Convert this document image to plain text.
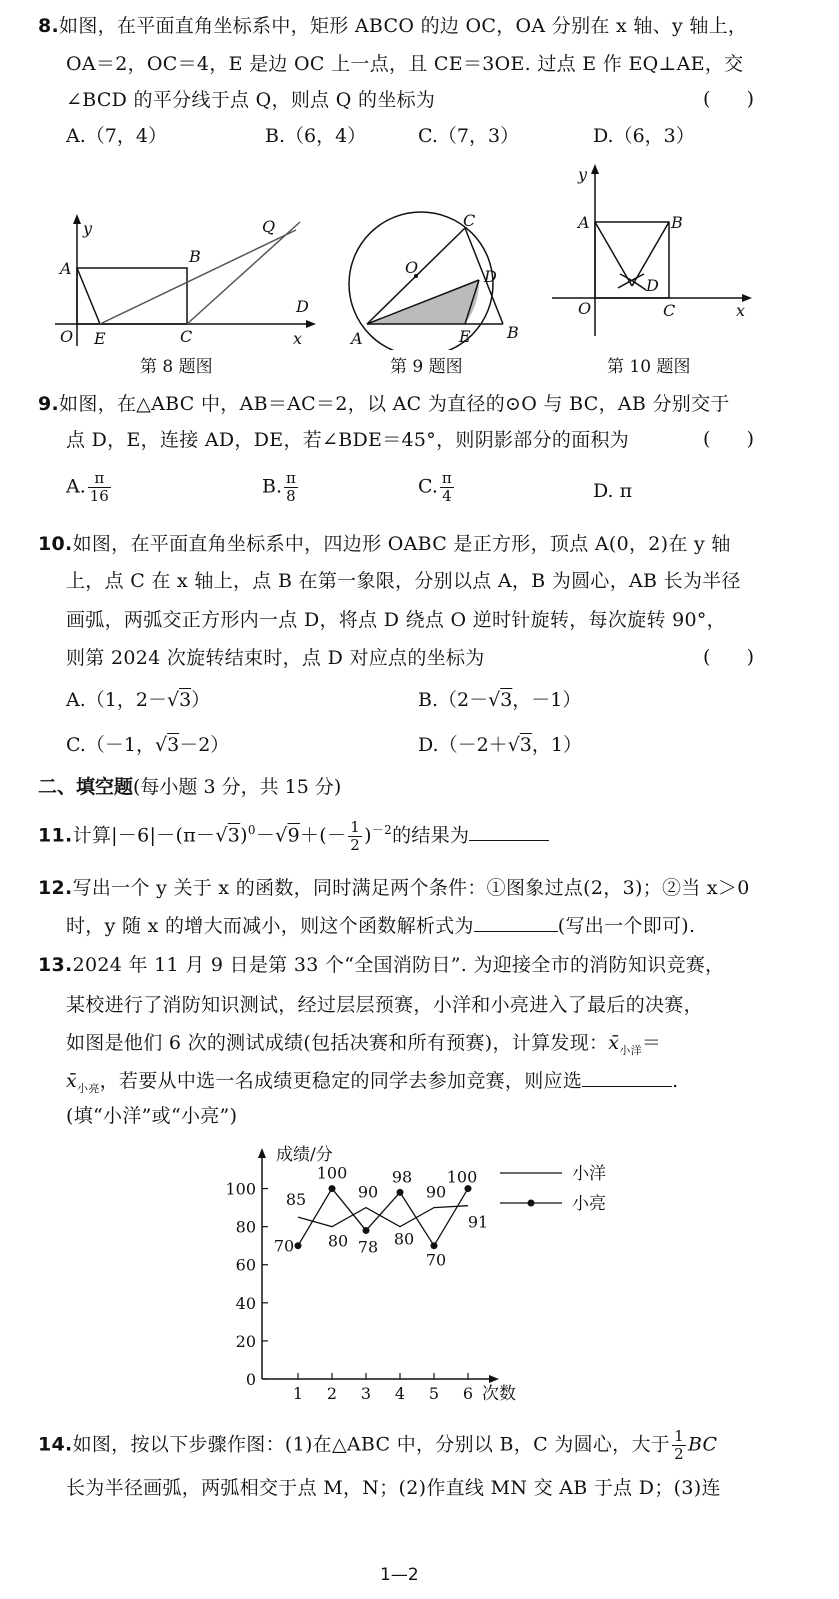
8.如图，在平面直角坐标系中，矩形 ABCO 的边 OC，OA 分别在 x 轴、y 轴上，
OA＝2，OC＝4，E 是边 OC 上一点，且 CE＝3OE. 过点 E 作 EQ⊥AE，交
∠BCD 的平分线于点 Q，则点 Q 的坐标为	(      )
A.（7，4）	B.（6，4）	C.（7，3）	D.（6，3）
y
x
O
A
B
E	C
D
Q
第 8 题图
C
O	D
A	E B
第 9 题图
y
x
O
A	B
C
D
第 10 题图
9.如图，在△ABC 中，AB＝AC＝2，以 AC 为直径的⊙O 与 BC，AB 分别交于
点 D，E，连接 AD，DE，若∠BDE＝45°，则阴影部分的面积为	(      )
A. $\frac{\pi}{16}$	B. $\frac{\pi}{8}$	C. $\frac{\pi}{4}$	D. π
10.如图，在平面直角坐标系中，四边形 OABC 是正方形，顶点 A(0，2)在 y 轴
上，点 C 在 x 轴上，点 B 在第一象限，分别以点 A，B 为圆心，AB 长为半径
画弧，两弧交正方形内一点 D，将点 D 绕点 O 逆时针旋转，每次旋转 90°，
则第 2024 次旋转结束时，点 D 对应点的坐标为	(      )
A.（1，2－√3）	B.（2－√3，－1）
C.（－1，√3－2）	D.（－2＋√3，1）
二、填空题(每小题 3 分，共 15 分)
11.计算$|-6|-(\pi-√3)^0-√9+(- \frac{1}{2} )^{-2}$的结果为
12.写出一个 y 关于 x 的函数，同时满足两个条件：①图象过点(2，3)；②当 x＞0
时，y 随 x 的增大而减小，则这个函数解析式为	(写出一个即可).
13.2024 年 11 月 9 日是第 33 个“全国消防日”. 为迎接全市的消防知识竞赛，
某校进行了消防知识测试，经过层层预赛，小洋和小亮进入了最后的决赛，
如图是他们 6 次的测试成绩(包括决赛和所有预赛)，计算发现：$x̄_{小洋}=$
$x̄_{小亮}$，若要从中选一名成绩更稳定的同学去参加竞赛，则应选	.
(填“小洋”或“小亮”)
成绩/分
次数
0
20
40
60
80
100
1 2 3 4 5 6
85
100
90
98
90
100
70 80 78 80
70
91
小洋
小亮
14.如图，按以下步骤作图：(1)在△ABC 中，分别以 B，C 为圆心，大于 $\frac{1}{2}$ BC
长为半径画弧，两弧相交于点 M，N；(2)作直线 MN 交 AB 于点 D；(3)连
1—2
